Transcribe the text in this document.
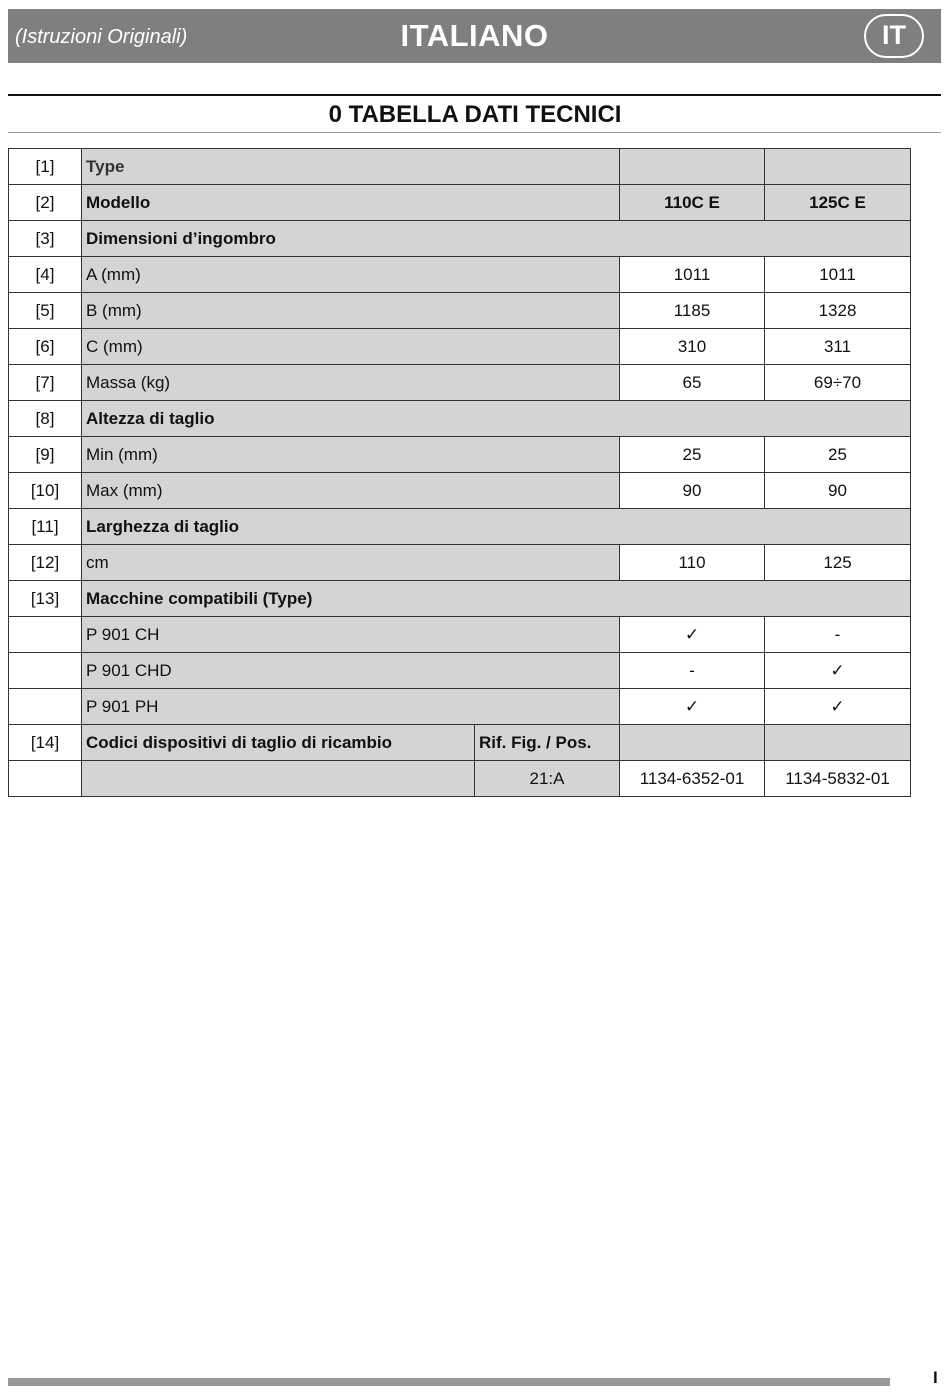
(Istruzioni Originali)	ITALIANO	IT
0 TABELLA DATI TECNICI
[1]	Type			
[2]	Modello		110C E	125C E
[3]	Dimensioni d’ingombro			
[4]	A (mm)		1011	1011
[5]	B (mm)		1185	1328
[6]	C (mm)		310	311
[7]	Massa (kg)		65	69÷70
[8]	Altezza di taglio			
[9]	Min (mm)		25	25
[10]	Max (mm)		90	90
[11]	Larghezza di taglio			
[12]	cm		110	125
[13]	Macchine compatibili (Type)			
	P 901 CH		✓	-
	P 901 CHD		-	✓
	P 901 PH		✓	✓
[14]	Codici dispositivi di taglio di ricambio	Rif. Fig. / Pos.		
		21:A	1134-6352-01	1134-5832-01
I
